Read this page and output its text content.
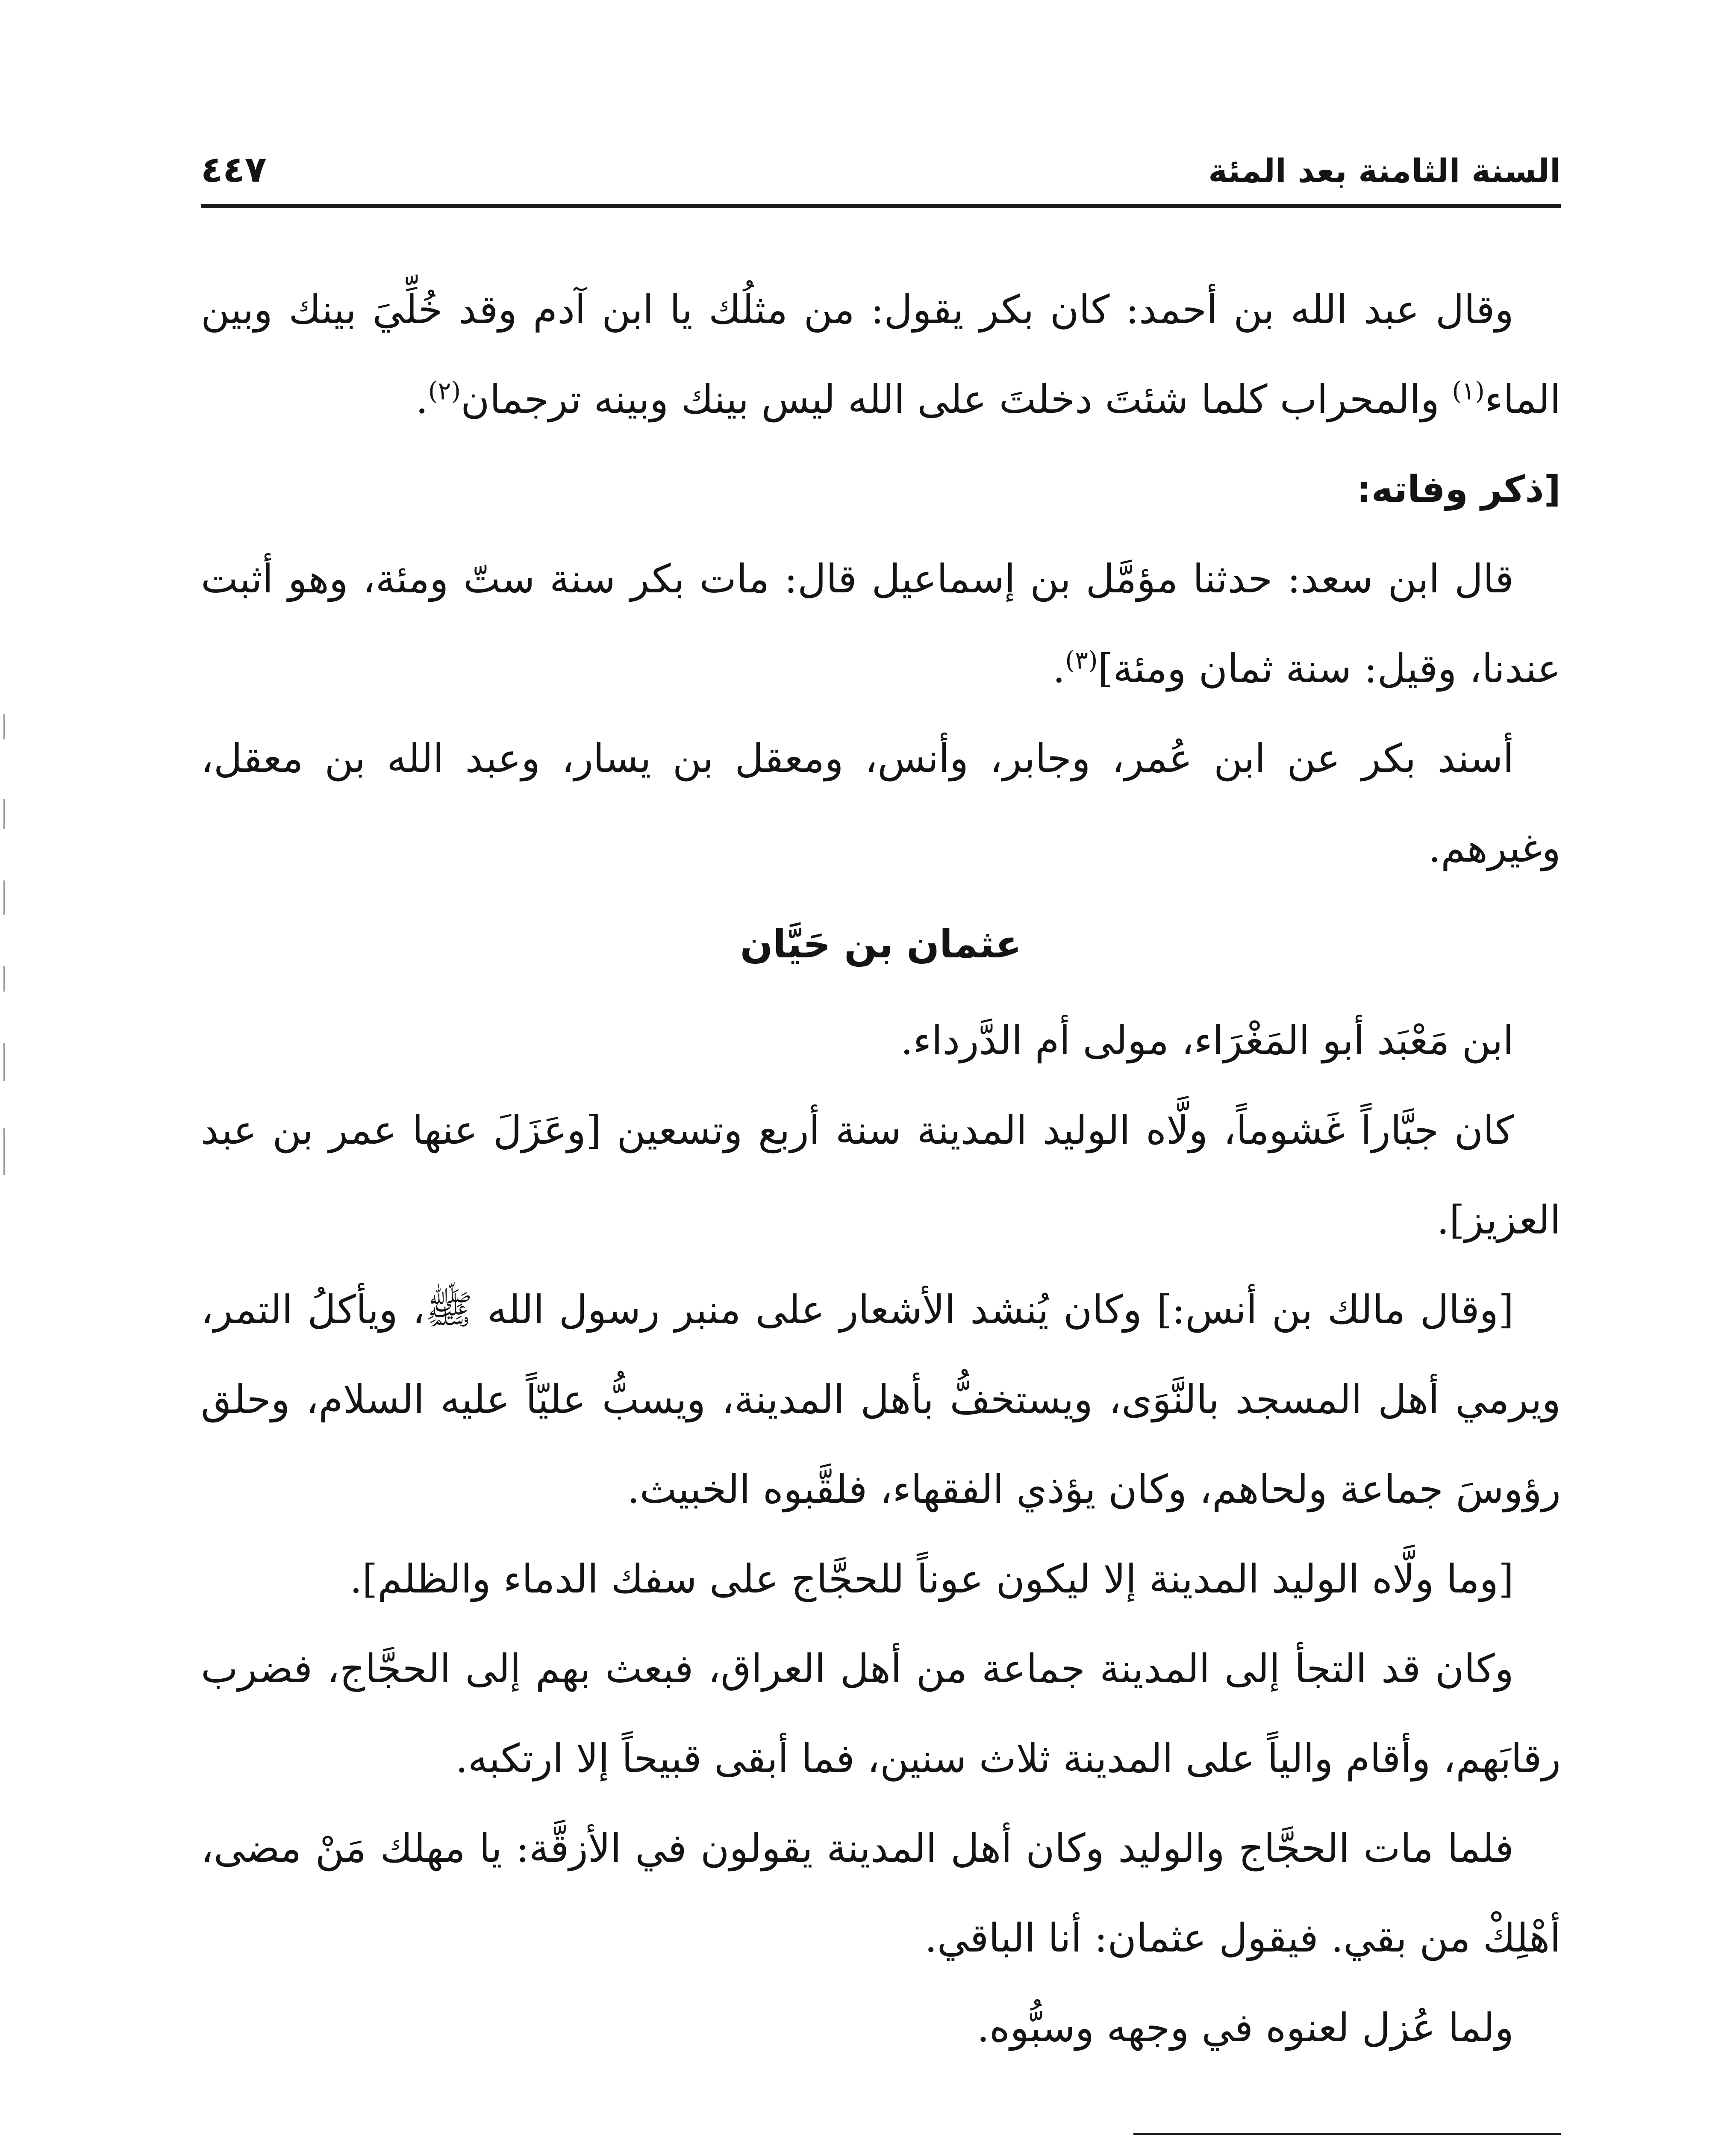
السنة الثامنة بعد المئة
٤٤٧

وقال عبد الله بن أحمد: كان بكر يقول: من مثلُك يا ابن آدم وقد خُلِّيَ بينك وبين الماء$^{(١)}$ والمحراب كلما شئتَ دخلتَ على الله ليس بينك وبينه ترجمان$^{(٢)}$.

[ذكر وفاته:

قال ابن سعد: حدثنا مؤمَّل بن إسماعيل قال: مات بكر سنة ستّ ومئة، وهو أثبت عندنا، وقيل: سنة ثمان ومئة]$^{(٣)}$.

أسند بكر عن ابن عُمر، وجابر، وأنس، ومعقل بن يسار، وعبد الله بن معقل، وغيرهم.

عثمان بن حَيَّان

ابن مَعْبَد أبو المَغْرَاء، مولى أم الدَّرداء.

كان جبَّاراً غَشوماً، ولَّاه الوليد المدينة سنة أربع وتسعين [وعَزَلَ عنها عمر بن عبد العزيز].

[وقال مالك بن أنس:] وكان يُنشد الأشعار على منبر رسول الله ﷺ، ويأكلُ التمر، ويرمي أهل المسجد بالنَّوَى، ويستخفُّ بأهل المدينة، ويسبُّ عليّاً عليه السلام، وحلق رؤوسَ جماعة ولحاهم، وكان يؤذي الفقهاء، فلقَّبوه الخبيث.

[وما ولَّاه الوليد المدينة إلا ليكون عوناً للحجَّاج على سفك الدماء والظلم].

وكان قد التجأ إلى المدينة جماعة من أهل العراق، فبعث بهم إلى الحجَّاج، فضرب رقابَهم، وأقام والياً على المدينة ثلاث سنين، فما أبقى قبيحاً إلا ارتكبه.

فلما مات الحجَّاج والوليد وكان أهل المدينة يقولون في الأزقَّة: يا مهلك مَنْ مضى، أهْلِكْ من بقي. فيقول عثمان: أنا الباقي.

ولما عُزل لعنوه في وجهه وسبُّوه.
